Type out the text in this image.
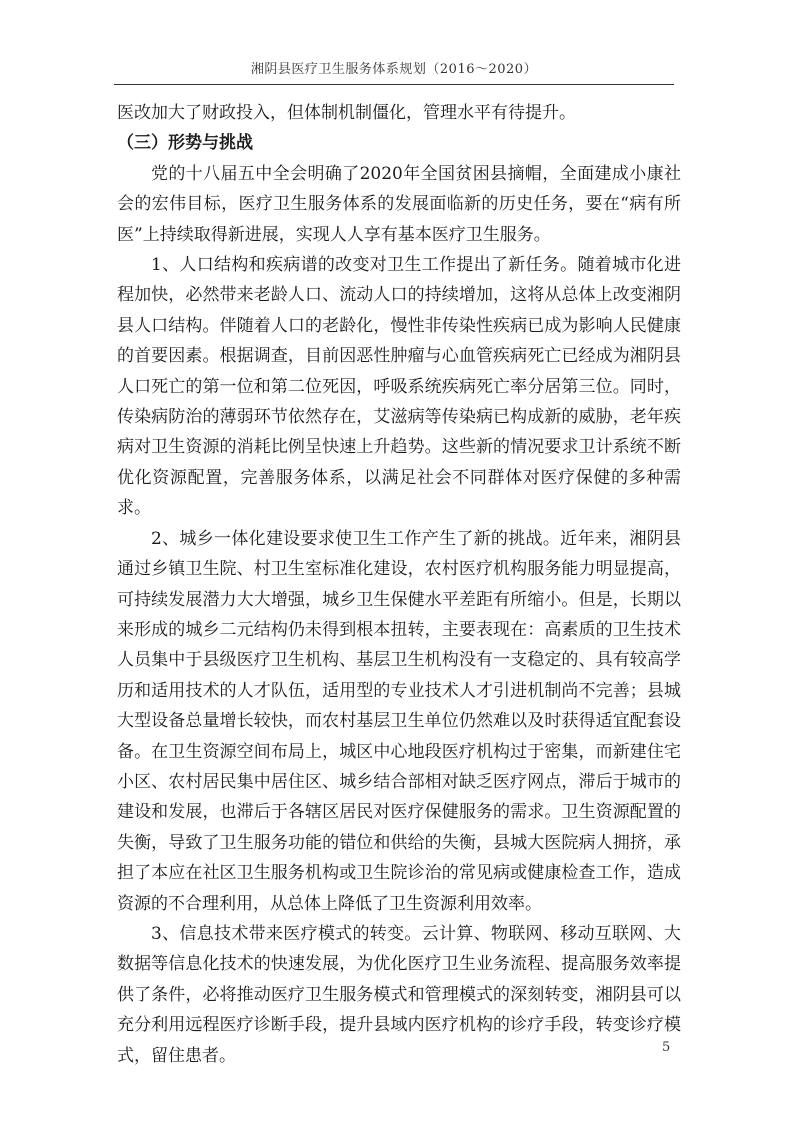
湘阴县医疗卫生服务体系规划（2016～2020）

医改加大了财政投入，但体制机制僵化，管理水平有待提升。

（三）形势与挑战

党的十八届五中全会明确了2020年全国贫困县摘帽，全面建成小康社会的宏伟目标，医疗卫生服务体系的发展面临新的历史任务，要在“病有所医”上持续取得新进展，实现人人享有基本医疗卫生服务。

1、人口结构和疾病谱的改变对卫生工作提出了新任务。随着城市化进程加快，必然带来老龄人口、流动人口的持续增加，这将从总体上改变湘阴县人口结构。伴随着人口的老龄化，慢性非传染性疾病已成为影响人民健康的首要因素。根据调查，目前因恶性肿瘤与心血管疾病死亡已经成为湘阴县人口死亡的第一位和第二位死因，呼吸系统疾病死亡率分居第三位。同时，传染病防治的薄弱环节依然存在，艾滋病等传染病已构成新的威胁，老年疾病对卫生资源的消耗比例呈快速上升趋势。这些新的情况要求卫计系统不断优化资源配置，完善服务体系，以满足社会不同群体对医疗保健的多种需求。

2、城乡一体化建设要求使卫生工作产生了新的挑战。近年来，湘阴县通过乡镇卫生院、村卫生室标准化建设，农村医疗机构服务能力明显提高，可持续发展潜力大大增强，城乡卫生保健水平差距有所缩小。但是，长期以来形成的城乡二元结构仍未得到根本扭转，主要表现在：高素质的卫生技术人员集中于县级医疗卫生机构、基层卫生机构没有一支稳定的、具有较高学历和适用技术的人才队伍，适用型的专业技术人才引进机制尚不完善；县城大型设备总量增长较快，而农村基层卫生单位仍然难以及时获得适宜配套设备。在卫生资源空间布局上，城区中心地段医疗机构过于密集，而新建住宅小区、农村居民集中居住区、城乡结合部相对缺乏医疗网点，滞后于城市的建设和发展，也滞后于各辖区居民对医疗保健服务的需求。卫生资源配置的失衡，导致了卫生服务功能的错位和供给的失衡，县城大医院病人拥挤，承担了本应在社区卫生服务机构或卫生院诊治的常见病或健康检查工作，造成资源的不合理利用，从总体上降低了卫生资源利用效率。

3、信息技术带来医疗模式的转变。云计算、物联网、移动互联网、大数据等信息化技术的快速发展，为优化医疗卫生业务流程、提高服务效率提供了条件，必将推动医疗卫生服务模式和管理模式的深刻转变，湘阴县可以充分利用远程医疗诊断手段，提升县域内医疗机构的诊疗手段，转变诊疗模式，留住患者。	5
